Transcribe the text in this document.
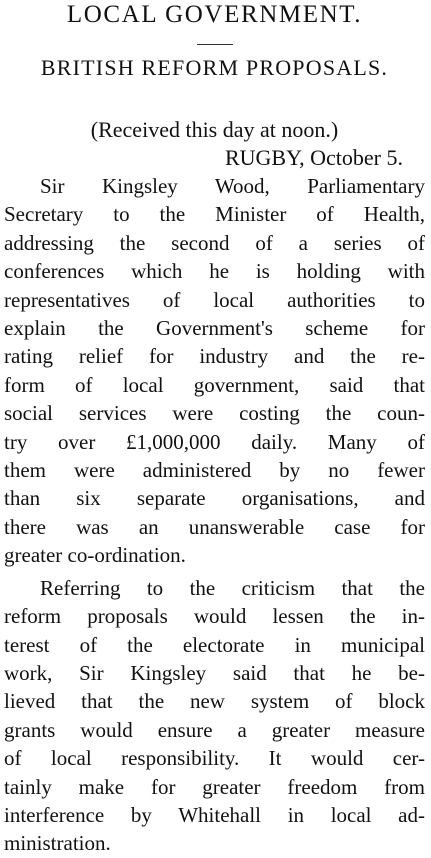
LOCAL GOVERNMENT.
BRITISH REFORM PROPOSALS.
(Received this day at noon.)
RUGBY, October 5.

Sir Kingsley Wood, Parliamentary
Secretary to the Minister of Health,
addressing the second of a series of
conferences which he is holding with
representatives of local authorities to
explain the Government's scheme for
rating relief for industry and the re-
form of local government, said that
social services were costing the coun-
try over £1,000,000 daily. Many of
them were administered by no fewer
than six separate organisations, and
there was an unanswerable case for
greater co-ordination.

Referring to the criticism that the
reform proposals would lessen the in-
terest of the electorate in municipal
work, Sir Kingsley said that he be-
lieved that the new system of block
grants would ensure a greater measure
of local responsibility. It would cer-
tainly make for greater freedom from
interference by Whitehall in local ad-
ministration.
